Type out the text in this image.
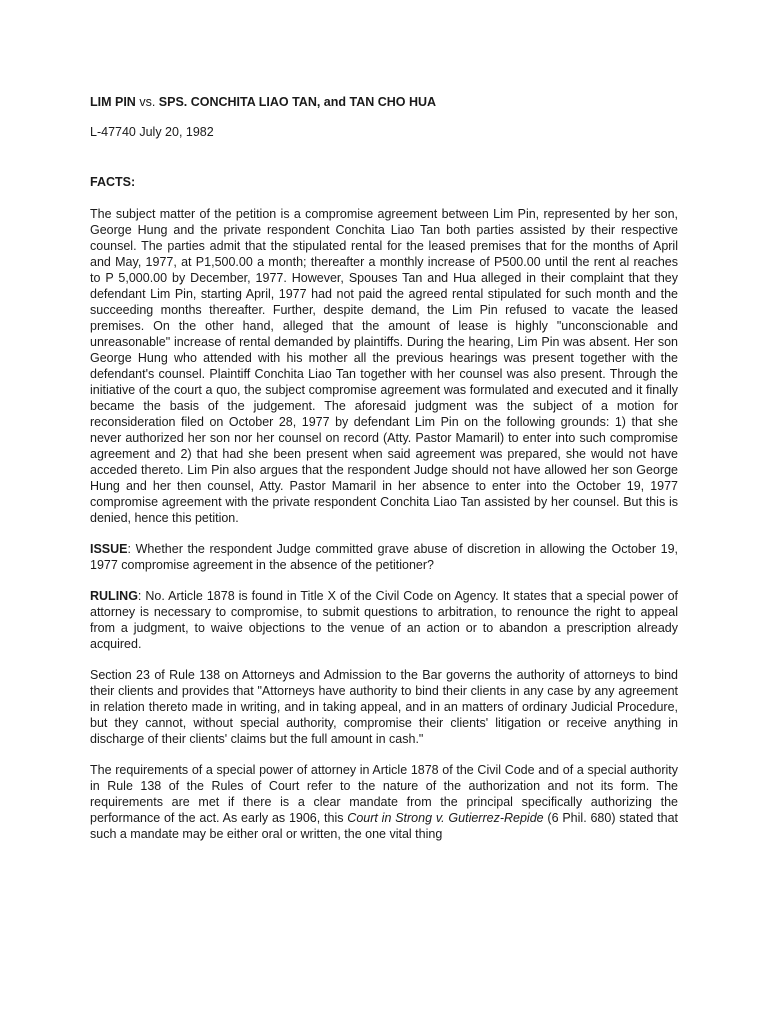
LIM PIN vs. SPS. CONCHITA LIAO TAN, and TAN CHO HUA

L-47740 July 20, 1982

FACTS:

The subject matter of the petition is a compromise agreement between Lim Pin, represented by her son, George Hung and the private respondent Conchita Liao Tan both parties assisted by their respective counsel. The parties admit that the stipulated rental for the leased premises that for the months of April and May, 1977, at P1,500.00 a month; thereafter a monthly increase of P500.00 until the rent al reaches to P 5,000.00 by December, 1977. However, Spouses Tan and Hua alleged in their complaint that they defendant Lim Pin, starting April, 1977 had not paid the agreed rental stipulated for such month and the succeeding months thereafter. Further, despite demand, the Lim Pin refused to vacate the leased premises. On the other hand, alleged that the amount of lease is highly "unconscionable and unreasonable" increase of rental demanded by plaintiffs. During the hearing, Lim Pin was absent. Her son George Hung who attended with his mother all the previous hearings was present together with the defendant's counsel. Plaintiff Conchita Liao Tan together with her counsel was also present. Through the initiative of the court a quo, the subject compromise agreement was formulated and executed and it finally became the basis of the judgement. The aforesaid judgment was the subject of a motion for reconsideration filed on October 28, 1977 by defendant Lim Pin on the following grounds: 1) that she never authorized her son nor her counsel on record (Atty. Pastor Mamaril) to enter into such compromise agreement and 2) that had she been present when said agreement was prepared, she would not have acceded thereto. Lim Pin also argues that the respondent Judge should not have allowed her son George Hung and her then counsel, Atty. Pastor Mamaril in her absence to enter into the October 19, 1977 compromise agreement with the private respondent Conchita Liao Tan assisted by her counsel. But this is denied, hence this petition.

ISSUE: Whether the respondent Judge committed grave abuse of discretion in allowing the October 19, 1977 compromise agreement in the absence of the petitioner?

RULING: No. Article 1878 is found in Title X of the Civil Code on Agency. It states that a special power of attorney is necessary to compromise, to submit questions to arbitration, to renounce the right to appeal from a judgment, to waive objections to the venue of an action or to abandon a prescription already acquired.

Section 23 of Rule 138 on Attorneys and Admission to the Bar governs the authority of attorneys to bind their clients and provides that "Attorneys have authority to bind their clients in any case by any agreement in relation thereto made in writing, and in taking appeal, and in an matters of ordinary Judicial Procedure, but they cannot, without special authority, compromise their clients' litigation or receive anything in discharge of their clients' claims but the full amount in cash."

The requirements of a special power of attorney in Article 1878 of the Civil Code and of a special authority in Rule 138 of the Rules of Court refer to the nature of the authorization and not its form. The requirements are met if there is a clear mandate from the principal specifically authorizing the performance of the act. As early as 1906, this Court in Strong v. Gutierrez-Repide (6 Phil. 680) stated that such a mandate may be either oral or written, the one vital thing
